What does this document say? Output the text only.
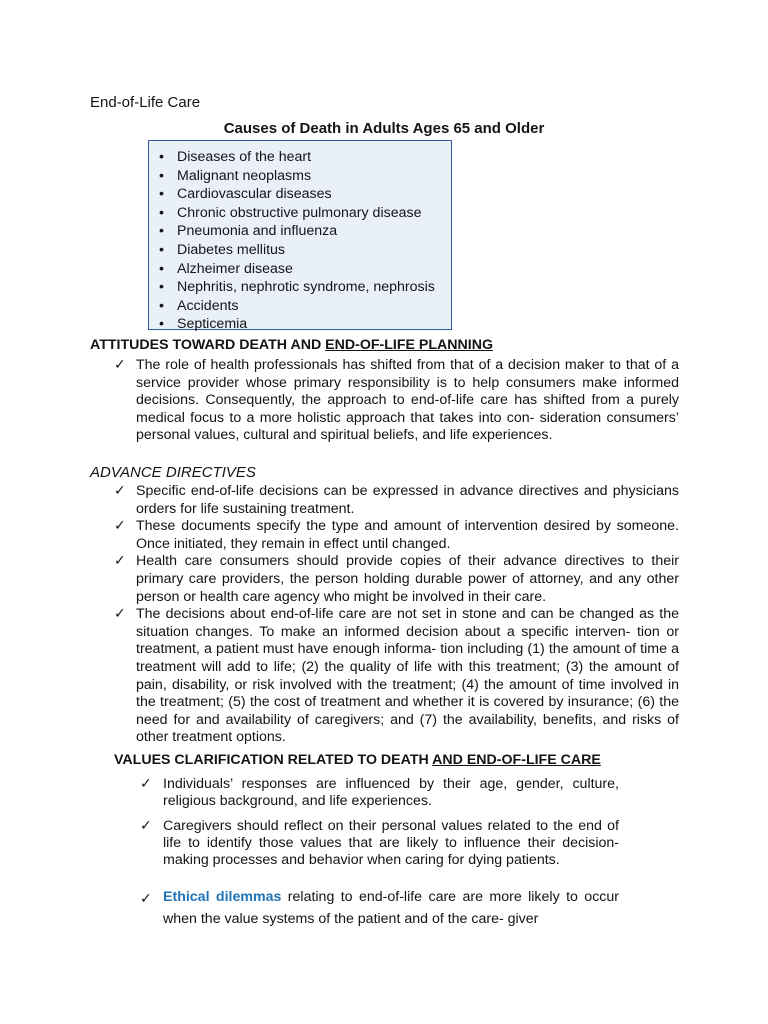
End-of-Life Care
Causes of Death in Adults Ages 65 and Older
• Diseases of the heart
• Malignant neoplasms
• Cardiovascular diseases
• Chronic obstructive pulmonary disease
• Pneumonia and influenza
• Diabetes mellitus
• Alzheimer disease
• Nephritis, nephrotic syndrome, nephrosis
• Accidents
• Septicemia
ATTITUDES TOWARD DEATH AND END-OF-LIFE PLANNING
✓ The role of health professionals has shifted from that of a decision maker to that of a service provider whose primary responsibility is to help consumers make informed decisions. Consequently, the approach to end-of-life care has shifted from a purely medical focus to a more holistic approach that takes into con- sideration consumers’ personal values, cultural and spiritual beliefs, and life experiences.
ADVANCE DIRECTIVES
✓ Specific end-of-life decisions can be expressed in advance directives and physicians orders for life sustaining treatment.
✓ These documents specify the type and amount of intervention desired by someone. Once initiated, they remain in effect until changed.
✓ Health care consumers should provide copies of their advance directives to their primary care providers, the person holding durable power of attorney, and any other person or health care agency who might be involved in their care.
✓ The decisions about end-of-life care are not set in stone and can be changed as the situation changes. To make an informed decision about a specific interven- tion or treatment, a patient must have enough informa- tion including (1) the amount of time a treatment will add to life; (2) the quality of life with this treatment; (3) the amount of pain, disability, or risk involved with the treatment; (4) the amount of time involved in the treatment; (5) the cost of treatment and whether it is covered by insurance; (6) the need for and availability of caregivers; and (7) the availability, benefits, and risks of other treatment options.
VALUES CLARIFICATION RELATED TO DEATH AND END-OF-LIFE CARE
✓ Individuals’ responses are influenced by their age, gender, culture, religious background, and life experiences.
✓ Caregivers should reflect on their personal values related to the end of life to identify those values that are likely to influence their decision-making processes and behavior when caring for dying patients.
✓ Ethical dilemmas relating to end-of-life care are more likely to occur when the value systems of the patient and of the care- giver
